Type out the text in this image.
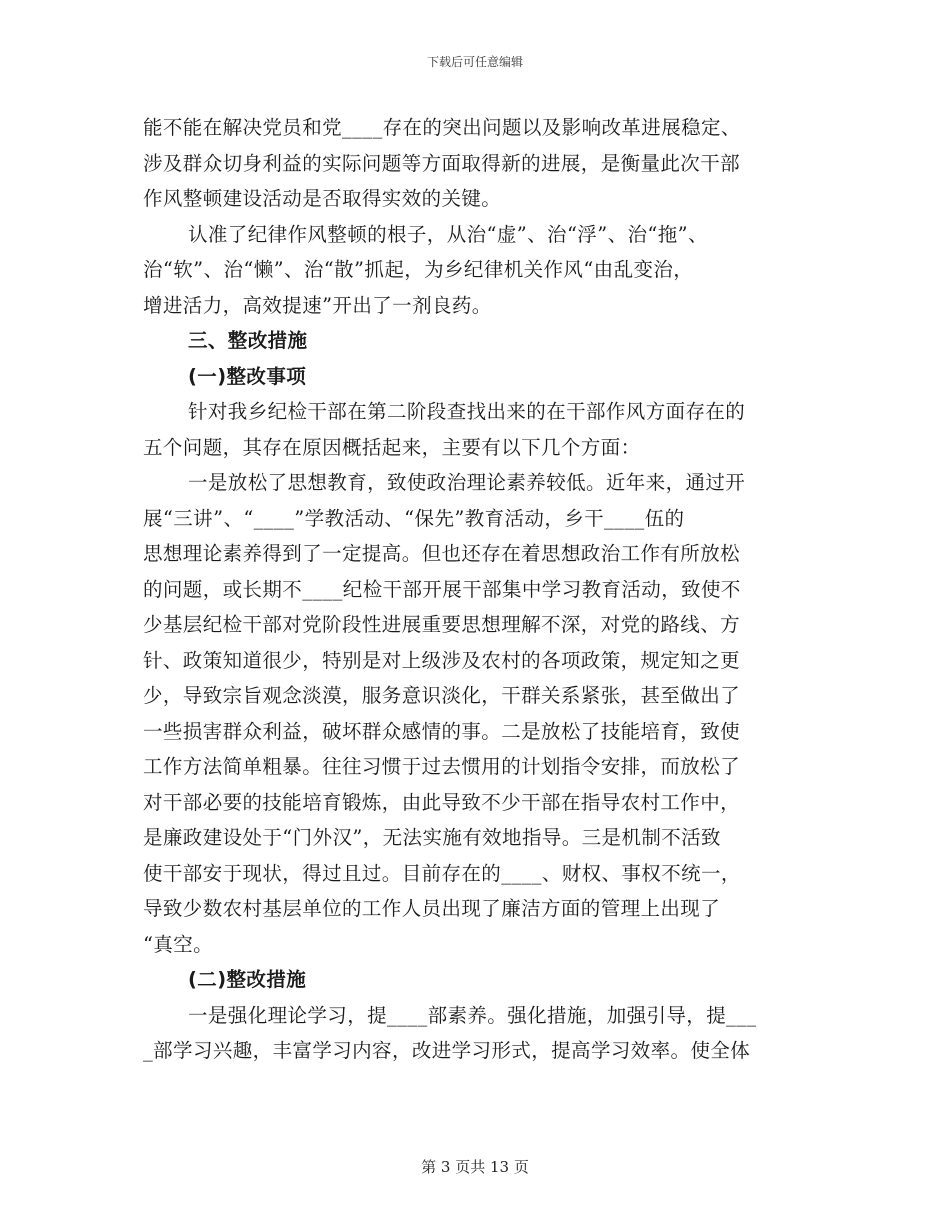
下载后可任意编辑
能不能在解决党员和党____存在的突出问题以及影响改革进展稳定、
涉及群众切身利益的实际问题等方面取得新的进展，是衡量此次干部
作风整顿建设活动是否取得实效的关键。
认准了纪律作风整顿的根子，从治“虚”、治“浮”、治“拖”、
治“软”、治“懒”、治“散”抓起，为乡纪律机关作风“由乱变治，
增进活力，高效提速”开出了一剂良药。
三、整改措施
(一)整改事项
针对我乡纪检干部在第二阶段查找出来的在干部作风方面存在的
五个问题，其存在原因概括起来，主要有以下几个方面：
一是放松了思想教育，致使政治理论素养较低。近年来，通过开
展“三讲”、“____”学教活动、“保先”教育活动，乡干____伍的
思想理论素养得到了一定提高。但也还存在着思想政治工作有所放松
的问题，或长期不____纪检干部开展干部集中学习教育活动，致使不
少基层纪检干部对党阶段性进展重要思想理解不深，对党的路线、方
针、政策知道很少，特别是对上级涉及农村的各项政策，规定知之更
少，导致宗旨观念淡漠，服务意识淡化，干群关系紧张，甚至做出了
一些损害群众利益，破坏群众感情的事。二是放松了技能培育，致使
工作方法简单粗暴。往往习惯于过去惯用的计划指令安排，而放松了
对干部必要的技能培育锻炼，由此导致不少干部在指导农村工作中，
是廉政建设处于“门外汉”，无法实施有效地指导。三是机制不活致
使干部安于现状，得过且过。目前存在的____、财权、事权不统一，
导致少数农村基层单位的工作人员出现了廉洁方面的管理上出现了
“真空。
(二)整改措施
一是强化理论学习，提____部素养。强化措施，加强引导，提___
_部学习兴趣，丰富学习内容，改进学习形式，提高学习效率。使全体
第 3 页共 13 页
